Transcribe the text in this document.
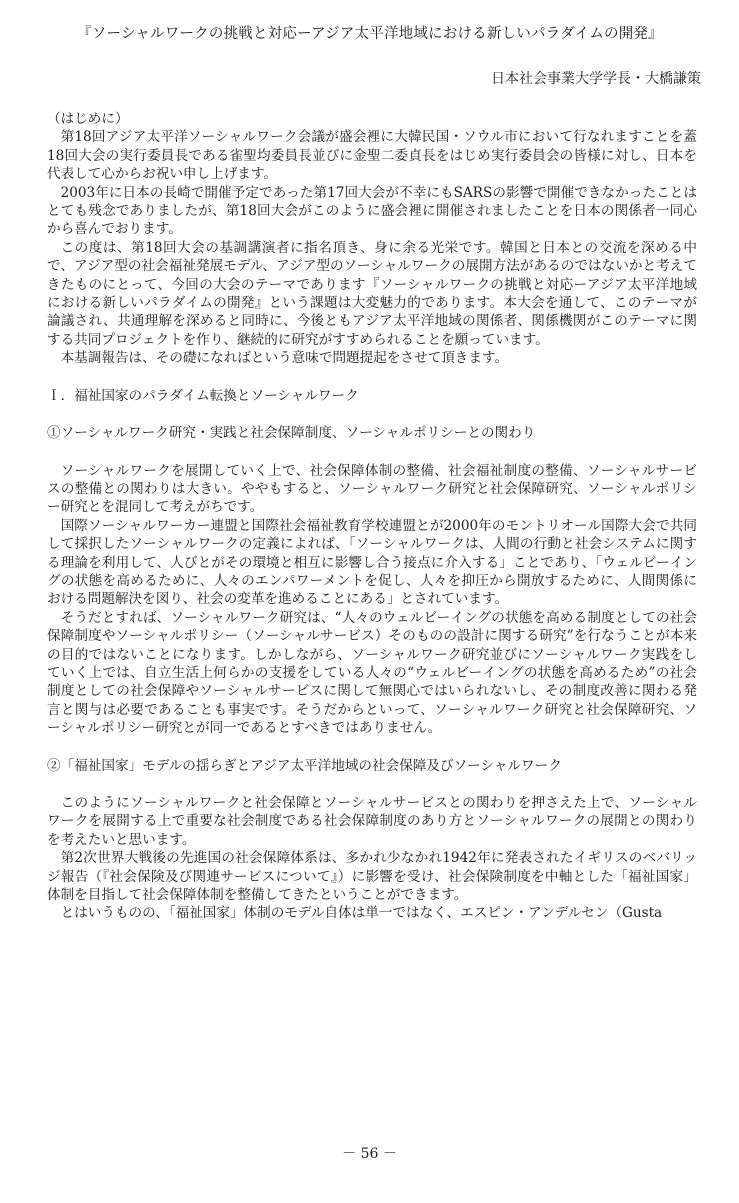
『ソーシャルワークの挑戦と対応ーアジア太平洋地域における新しいパラダイムの開発』
日本社会事業大学学長・大橋謙策

（はじめに）

第18回アジア太平洋ソーシャルワーク会議が盛会裡に大韓民国・ソウル市において行なれますことを蓋18回大会の実行委員長である雀聖均委員長並びに金聖二委貞長をはじめ実行委員会の皆様に対し、日本を代表して心からお祝い申し上げます。

2003年に日本の長崎で開催予定であった第17回大会が不幸にもSARSの影響で開催できなかったことはとても残念でありましたが、第18回大会がこのように盛会裡に開催されましたことを日本の関係者一同心から喜んでおります。

この度は、第18回大会の基調講演者に指名頂き、身に余る光栄です。韓国と日本との交流を深める中で、アジア型の社会福祉発展モデル、アジア型のソーシャルワークの展開方法があるのではないかと考えてきたものにとって、今回の大会のテーマであります『ソーシャルワークの挑戦と対応ーアジア太平洋地域における新しいパラダイムの開発』という課題は大変魅力的であります。本大会を通して、このテーマが論議され、共通理解を深めると同時に、今後ともアジア太平洋地域の関係者、関係機関がこのテーマに関する共同プロジェクトを作り、継続的に研究がすすめられることを願っています。

本基調報告は、その礎になればという意味で問題提起をさせて頂きます。

Ｉ．福祉国家のパラダイム転換とソーシャルワーク

①ソーシャルワーク研究・実践と社会保障制度、ソーシャルポリシーとの関わり

ソーシャルワークを展開していく上で、社会保障体制の整備、社会福祉制度の整備、ソーシャルサービスの整備との関わりは大きい。ややもすると、ソーシャルワーク研究と社会保障研究、ソーシャルポリシー研究とを混同して考えがちです。

国際ソーシャルワーカー連盟と国際社会福祉教育学校連盟とが2000年のモントリオール国際大会で共同して採択したソーシャルワークの定義によれば、「ソーシャルワークは、人間の行動と社会システムに関する理論を利用して、人びとがその環境と相互に影響し合う接点に介入する」ことであり、「ウェルビーイングの状態を高めるために、人々のエンパワーメントを促し、人々を抑圧から開放するために、人間関係における問題解決を図り、社会の変革を進めることにある」とされています。

そうだとすれば、ソーシャルワーク研究は、“人々のウェルビーイングの状態を高める制度としての社会保障制度やソーシャルポリシー（ソーシャルサービス）そのものの設計に関する研究”を行なうことが本来の目的ではないことになります。しかしながら、ソーシャルワーク研究並びにソーシャルワーク実践をしていく上では、自立生活上何らかの支援をしている人々の“ウェルビーイングの状態を高めるため”の社会制度としての社会保障やソーシャルサービスに関して無関心ではいられないし、その制度改善に関わる発言と関与は必要であることも事実です。そうだからといって、ソーシャルワーク研究と社会保障研究、ソーシャルポリシー研究とが同一であるとすべきではありません。

②「福祉国家」モデルの揺らぎとアジア太平洋地域の社会保障及びソーシャルワーク

このようにソーシャルワークと社会保障とソーシャルサービスとの関わりを押さえた上で、ソーシャルワークを展開する上で重要な社会制度である社会保障制度のあり方とソーシャルワークの展開との関わりを考えたいと思います。

第2次世界大戦後の先進国の社会保障体系は、多かれ少なかれ1942年に発表されたイギリスのベバリッジ報告（『社会保険及び関連サービスについて』）に影響を受け、社会保険制度を中軸とした「福祉国家」体制を目指して社会保障体制を整備してきたということができます。

とはいうものの、「福祉国家」体制のモデル自体は単一ではなく、エスピン・アンデルセン（Gusta

－ 56 －
